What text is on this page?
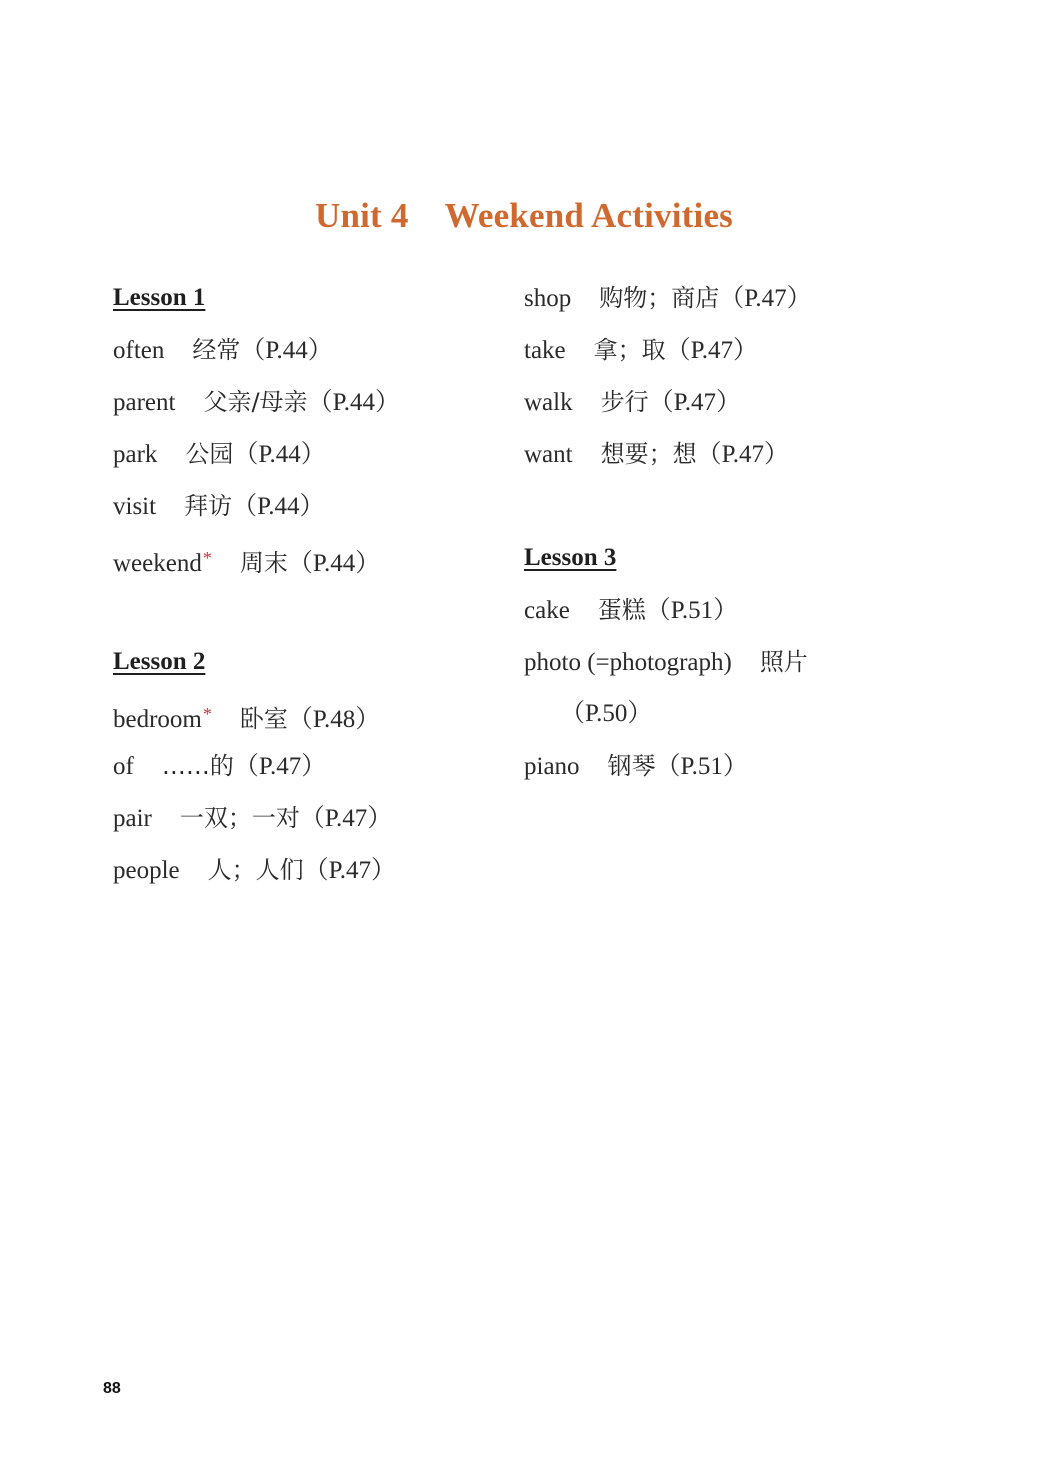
Unit 4 Weekend Activities
Lesson 1
often 经常（P.44）
parent 父亲/母亲（P.44）
park 公园（P.44）
visit 拜访（P.44）
weekend* 周末（P.44）
Lesson 2
bedroom* 卧室（P.48）
of ……的（P.47）
pair 一双；一对（P.47）
people 人；人们（P.47）
shop 购物；商店（P.47）
take 拿；取（P.47）
walk 步行（P.47）
want 想要；想（P.47）
Lesson 3
cake 蛋糕（P.51）
photo (=photograph) 照片
（P.50）
piano 钢琴（P.51）
88
